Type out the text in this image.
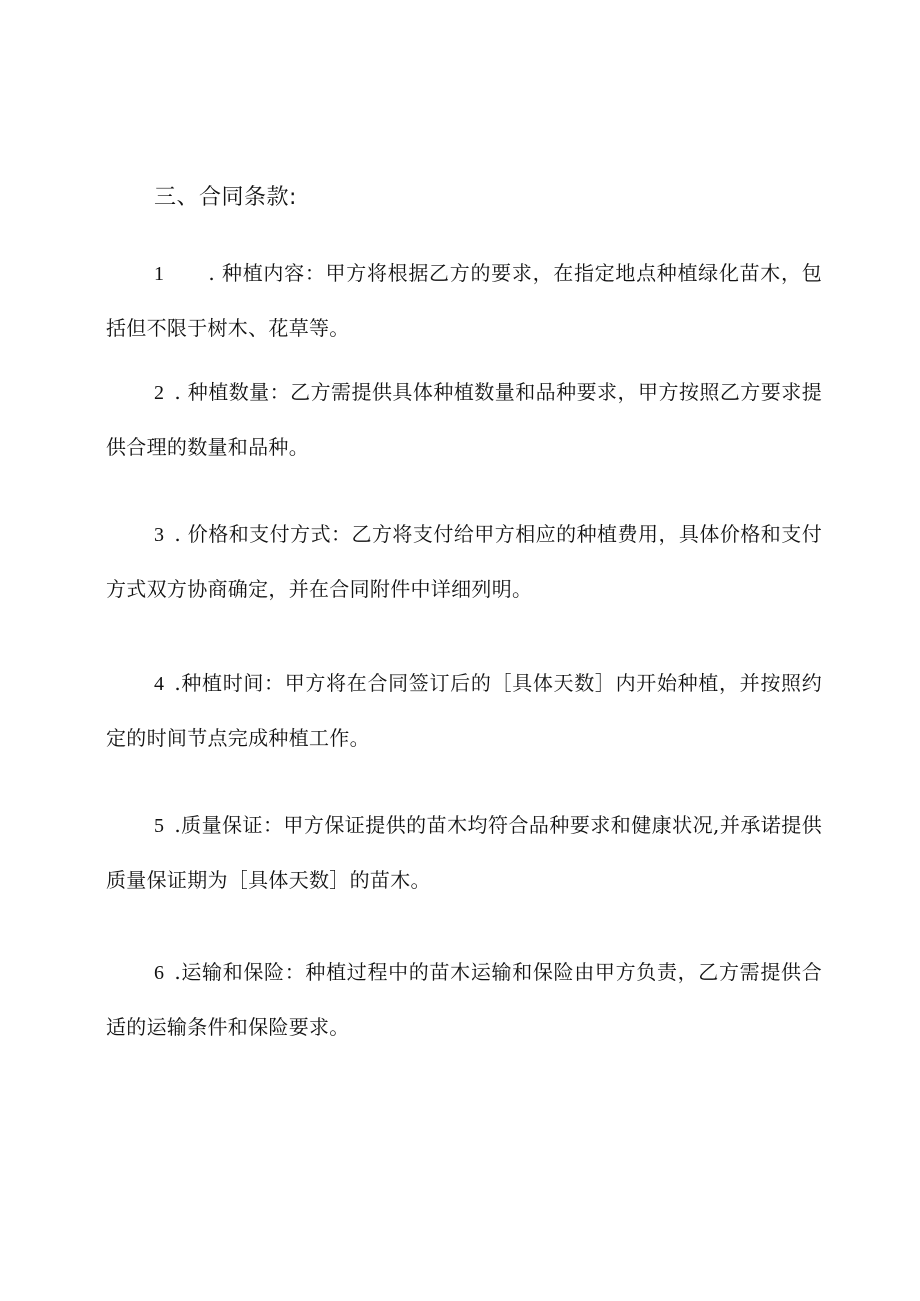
三、合同条款:

1 . 种植内容：甲方将根据乙方的要求，在指定地点种植绿化苗木，包括但不限于树木、花草等。

2 . 种植数量：乙方需提供具体种植数量和品种要求，甲方按照乙方要求提供合理的数量和品种。

3 . 价格和支付方式：乙方将支付给甲方相应的种植费用，具体价格和支付方式双方协商确定，并在合同附件中详细列明。

4 .种植时间：甲方将在合同签订后的［具体天数］内开始种植，并按照约定的时间节点完成种植工作。

5 .质量保证：甲方保证提供的苗木均符合品种要求和健康状况,并承诺提供质量保证期为［具体天数］的苗木。

6 .运输和保险：种植过程中的苗木运输和保险由甲方负责，乙方需提供合适的运输条件和保险要求。
